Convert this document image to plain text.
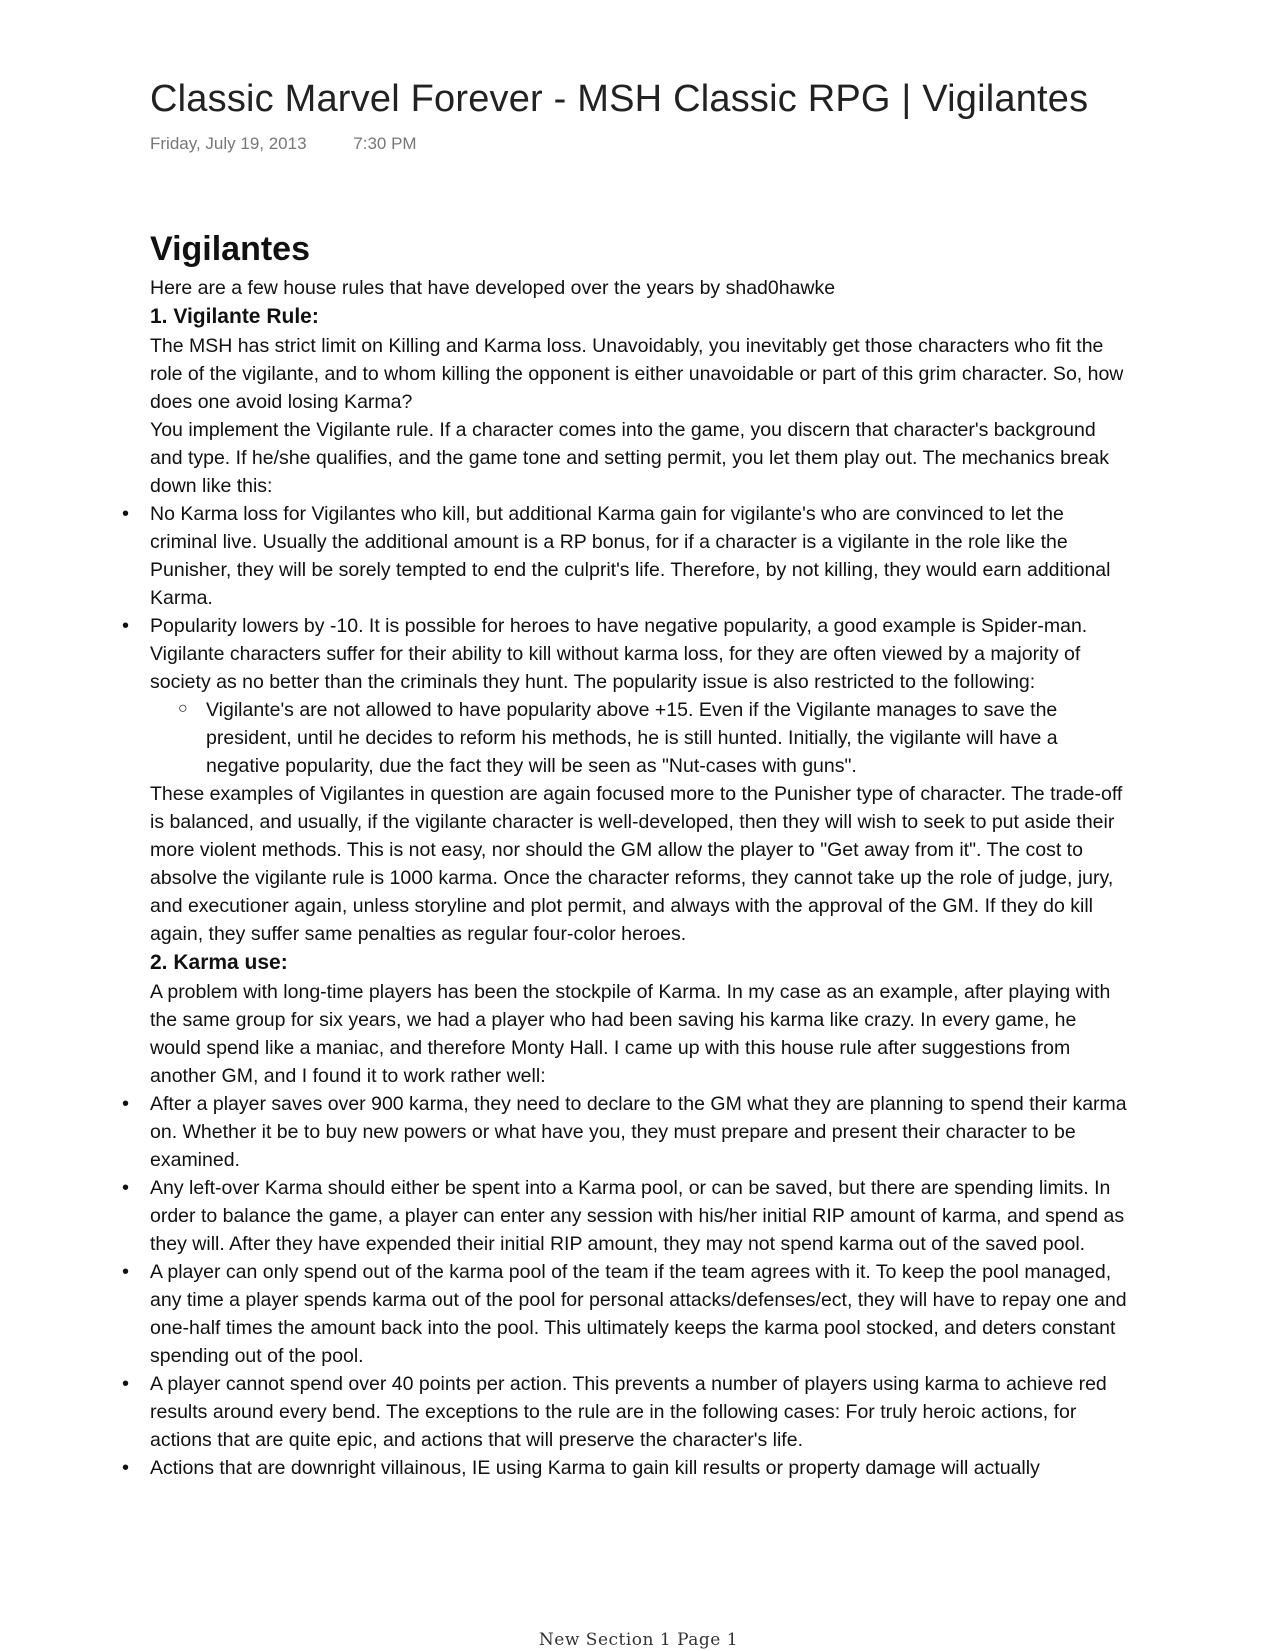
Classic Marvel Forever - MSH Classic RPG | Vigilantes
Friday, July 19, 2013	7:30 PM
Vigilantes

Here are a few house rules that have developed over the years by shad0hawke

1. Vigilante Rule:

The MSH has strict limit on Killing and Karma loss. Unavoidably, you inevitably get those characters who fit the role of the vigilante, and to whom killing the opponent is either unavoidable or part of this grim character. So, how does one avoid losing Karma?

You implement the Vigilante rule. If a character comes into the game, you discern that character's background and type. If he/she qualifies, and the game tone and setting permit, you let them play out. The mechanics break down like this:

• No Karma loss for Vigilantes who kill, but additional Karma gain for vigilante's who are convinced to let the criminal live. Usually the additional amount is a RP bonus, for if a character is a vigilante in the role like the Punisher, they will be sorely tempted to end the culprit's life. Therefore, by not killing, they would earn additional Karma.
• Popularity lowers by -10. It is possible for heroes to have negative popularity, a good example is Spider-man. Vigilante characters suffer for their ability to kill without karma loss, for they are often viewed by a majority of society as no better than the criminals they hunt. The popularity issue is also restricted to the following:
○ Vigilante's are not allowed to have popularity above +15. Even if the Vigilante manages to save the president, until he decides to reform his methods, he is still hunted. Initially, the vigilante will have a negative popularity, due the fact they will be seen as "Nut-cases with guns".

These examples of Vigilantes in question are again focused more to the Punisher type of character. The trade-off is balanced, and usually, if the vigilante character is well-developed, then they will wish to seek to put aside their more violent methods. This is not easy, nor should the GM allow the player to "Get away from it". The cost to absolve the vigilante rule is 1000 karma. Once the character reforms, they cannot take up the role of judge, jury, and executioner again, unless storyline and plot permit, and always with the approval of the GM. If they do kill again, they suffer same penalties as regular four-color heroes.

2. Karma use:

A problem with long-time players has been the stockpile of Karma. In my case as an example, after playing with the same group for six years, we had a player who had been saving his karma like crazy. In every game, he would spend like a maniac, and therefore Monty Hall. I came up with this house rule after suggestions from another GM, and I found it to work rather well:

• After a player saves over 900 karma, they need to declare to the GM what they are planning to spend their karma on. Whether it be to buy new powers or what have you, they must prepare and present their character to be examined.
• Any left-over Karma should either be spent into a Karma pool, or can be saved, but there are spending limits. In order to balance the game, a player can enter any session with his/her initial RIP amount of karma, and spend as they will. After they have expended their initial RIP amount, they may not spend karma out of the saved pool.
• A player can only spend out of the karma pool of the team if the team agrees with it. To keep the pool managed, any time a player spends karma out of the pool for personal attacks/defenses/ect, they will have to repay one and one-half times the amount back into the pool. This ultimately keeps the karma pool stocked, and deters constant spending out of the pool.
• A player cannot spend over 40 points per action. This prevents a number of players using karma to achieve red results around every bend. The exceptions to the rule are in the following cases: For truly heroic actions, for actions that are quite epic, and actions that will preserve the character's life.
• Actions that are downright villainous, IE using Karma to gain kill results or property damage will actually
New Section 1 Page 1
